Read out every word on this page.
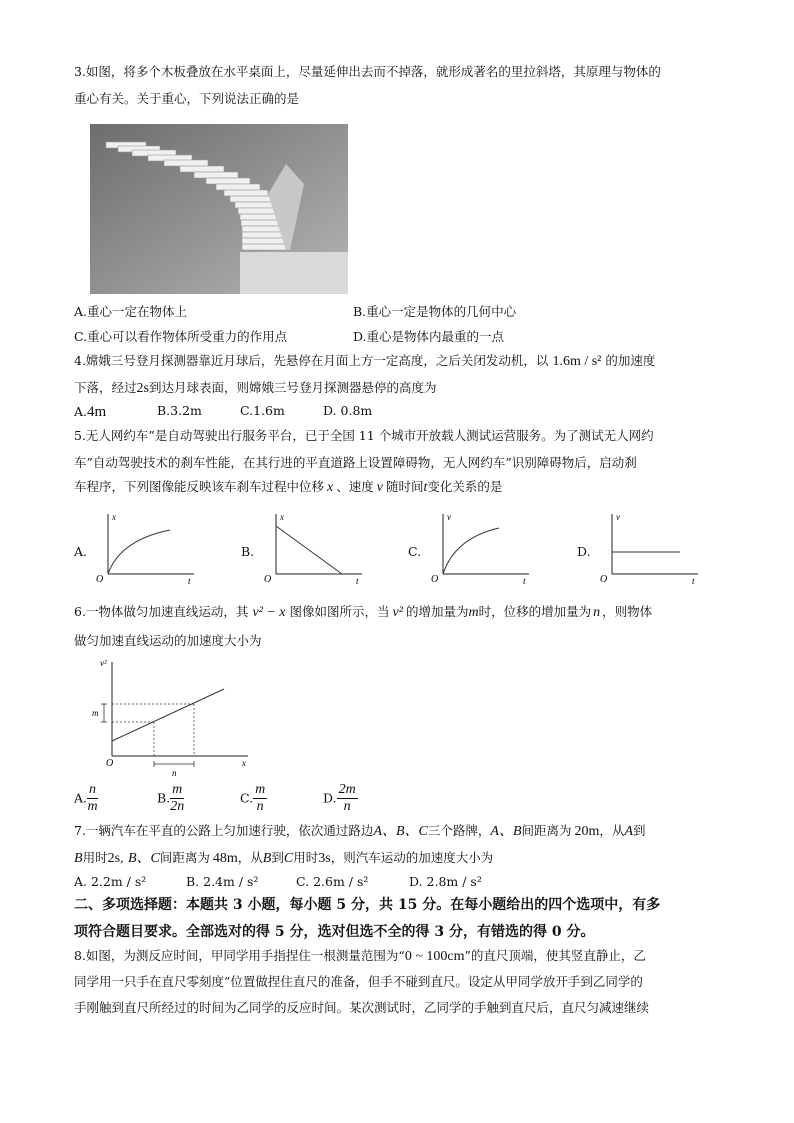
3.如图，将多个木板叠放在水平桌面上，尽量延伸出去而不掉落，就形成著名的里拉斜塔，其原理与物体的
重心有关。关于重心，下列说法正确的是
A.重心一定在物体上	B.重心一定是物体的几何中心
C.重心可以看作物体所受重力的作用点	D.重心是物体内最重的一点
4.嫦娥三号登月探测器靠近月球后，先悬停在月面上方一定高度，之后关闭发动机，以 1.6m / s² 的加速度
下落，经过2s到达月球表面，则嫦娥三号登月探测器悬停的高度为
A.4m	B.3.2m	C.1.6m	D. 0.8m
5.无人网约车”是自动驾驶出行服务平台，已于全国 11 个城市开放载人测试运营服务。为了测试无人网约
车”自动驾驶技术的刹车性能，在其行进的平直道路上设置障碍物，无人网约车”识别障碍物后，启动刹
车程序，下列图像能反映该车刹车过程中位移 x 、速度 v 随时间t变化关系的是
A.
x
O	t
B.
x
O	t
C.
v
O	t
D.
v
O	t
6.一物体做匀加速直线运动，其 v² − x 图像如图所示，当 v² 的增加量为m时，位移的增加量为 n ，则物体
做匀加速直线运动的加速度大小为
v²
x
O
m
n
A. $\frac{n}{m}$	B. $\frac{m}{2n}$	C. $\frac{m}{n}$	D. $\frac{2m}{n}$
7.一辆汽车在平直的公路上匀加速行驶，依次通过路边A、B、C三个路牌，A、B间距离为 20m，从A到
B用时2s, B、C间距离为 48m，从B到C用时3s，则汽车运动的加速度大小为
A. 2.2m / s²	B. 2.4m / s²	C. 2.6m / s²	D. 2.8m / s²
二、多项选择题：本题共 3 小题，每小题 5 分，共 15 分。在每小题给出的四个选项中，有多
项符合题目要求。全部选对的得 5 分，选对但选不全的得 3 分，有错选的得 0 分。
8.如图，为测反应时间，甲同学用手指捏住一根测量范围为“0 ~ 100cm”的直尺顶端，使其竖直静止，乙
同学用一只手在直尺零刻度”位置做捏住直尺的准备，但手不碰到直尺。设定从甲同学放开手到乙同学的
手刚触到直尺所经过的时间为乙同学的反应时间。某次测试时，乙同学的手触到直尺后，直尺匀减速继续
